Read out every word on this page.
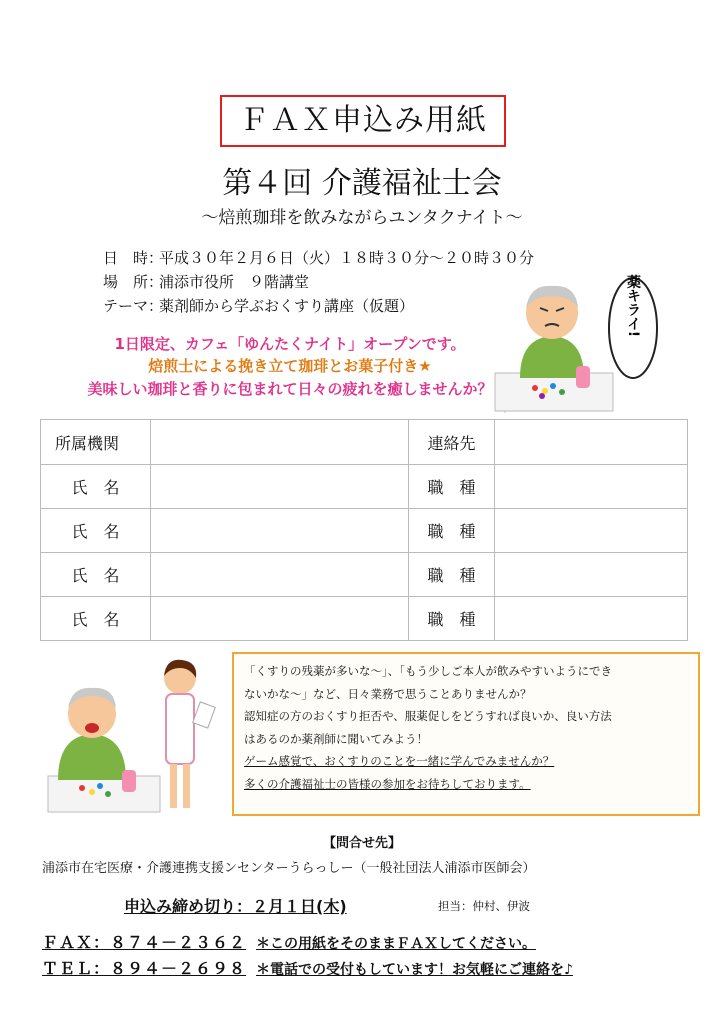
ＦＡＸ申込み用紙
第４回 介護福祉士会
～焙煎珈琲を飲みながらユンタクナイト～
日　時：平成３０年２月６日（火）１８時３０分～２０時３０分
場　所：浦添市役所　９階講堂
テーマ：薬剤師から学ぶおくすり講座（仮題）	薬キライ!
1日限定、カフェ「ゆんたくナイト」オープンです。
焙煎士による挽き立て珈琲とお菓子付き★
美味しい珈琲と香りに包まれて日々の疲れを癒しませんか？
所属機関		連絡先	
氏　名		職　種	
氏　名		職　種	
氏　名		職　種	
氏　名		職　種	
「くすりの残薬が多いな～」、「もう少しご本人が飲みやすいようにでき
ないかな～」など、日々業務で思うことありませんか？
認知症の方のおくすり拒否や、服薬促しをどうすれば良いか、良い方法
はあるのか薬剤師に聞いてみよう！
ゲーム感覚で、おくすりのことを一緒に学んでみませんか？
多くの介護福祉士の皆様の参加をお待ちしております。
【問合せ先】
浦添市在宅医療・介護連携支援ンセンターうらっしー（一般社団法人浦添市医師会）
申込み締め切り：２月１日(木)	担当：仲村、伊波
ＦＡＸ：８７４－２３６２ ＊この用紙をそのままＦＡＸしてください。
ＴＥＬ：８９４－２６９８ ＊電話での受付もしています！お気軽にご連絡を♪
